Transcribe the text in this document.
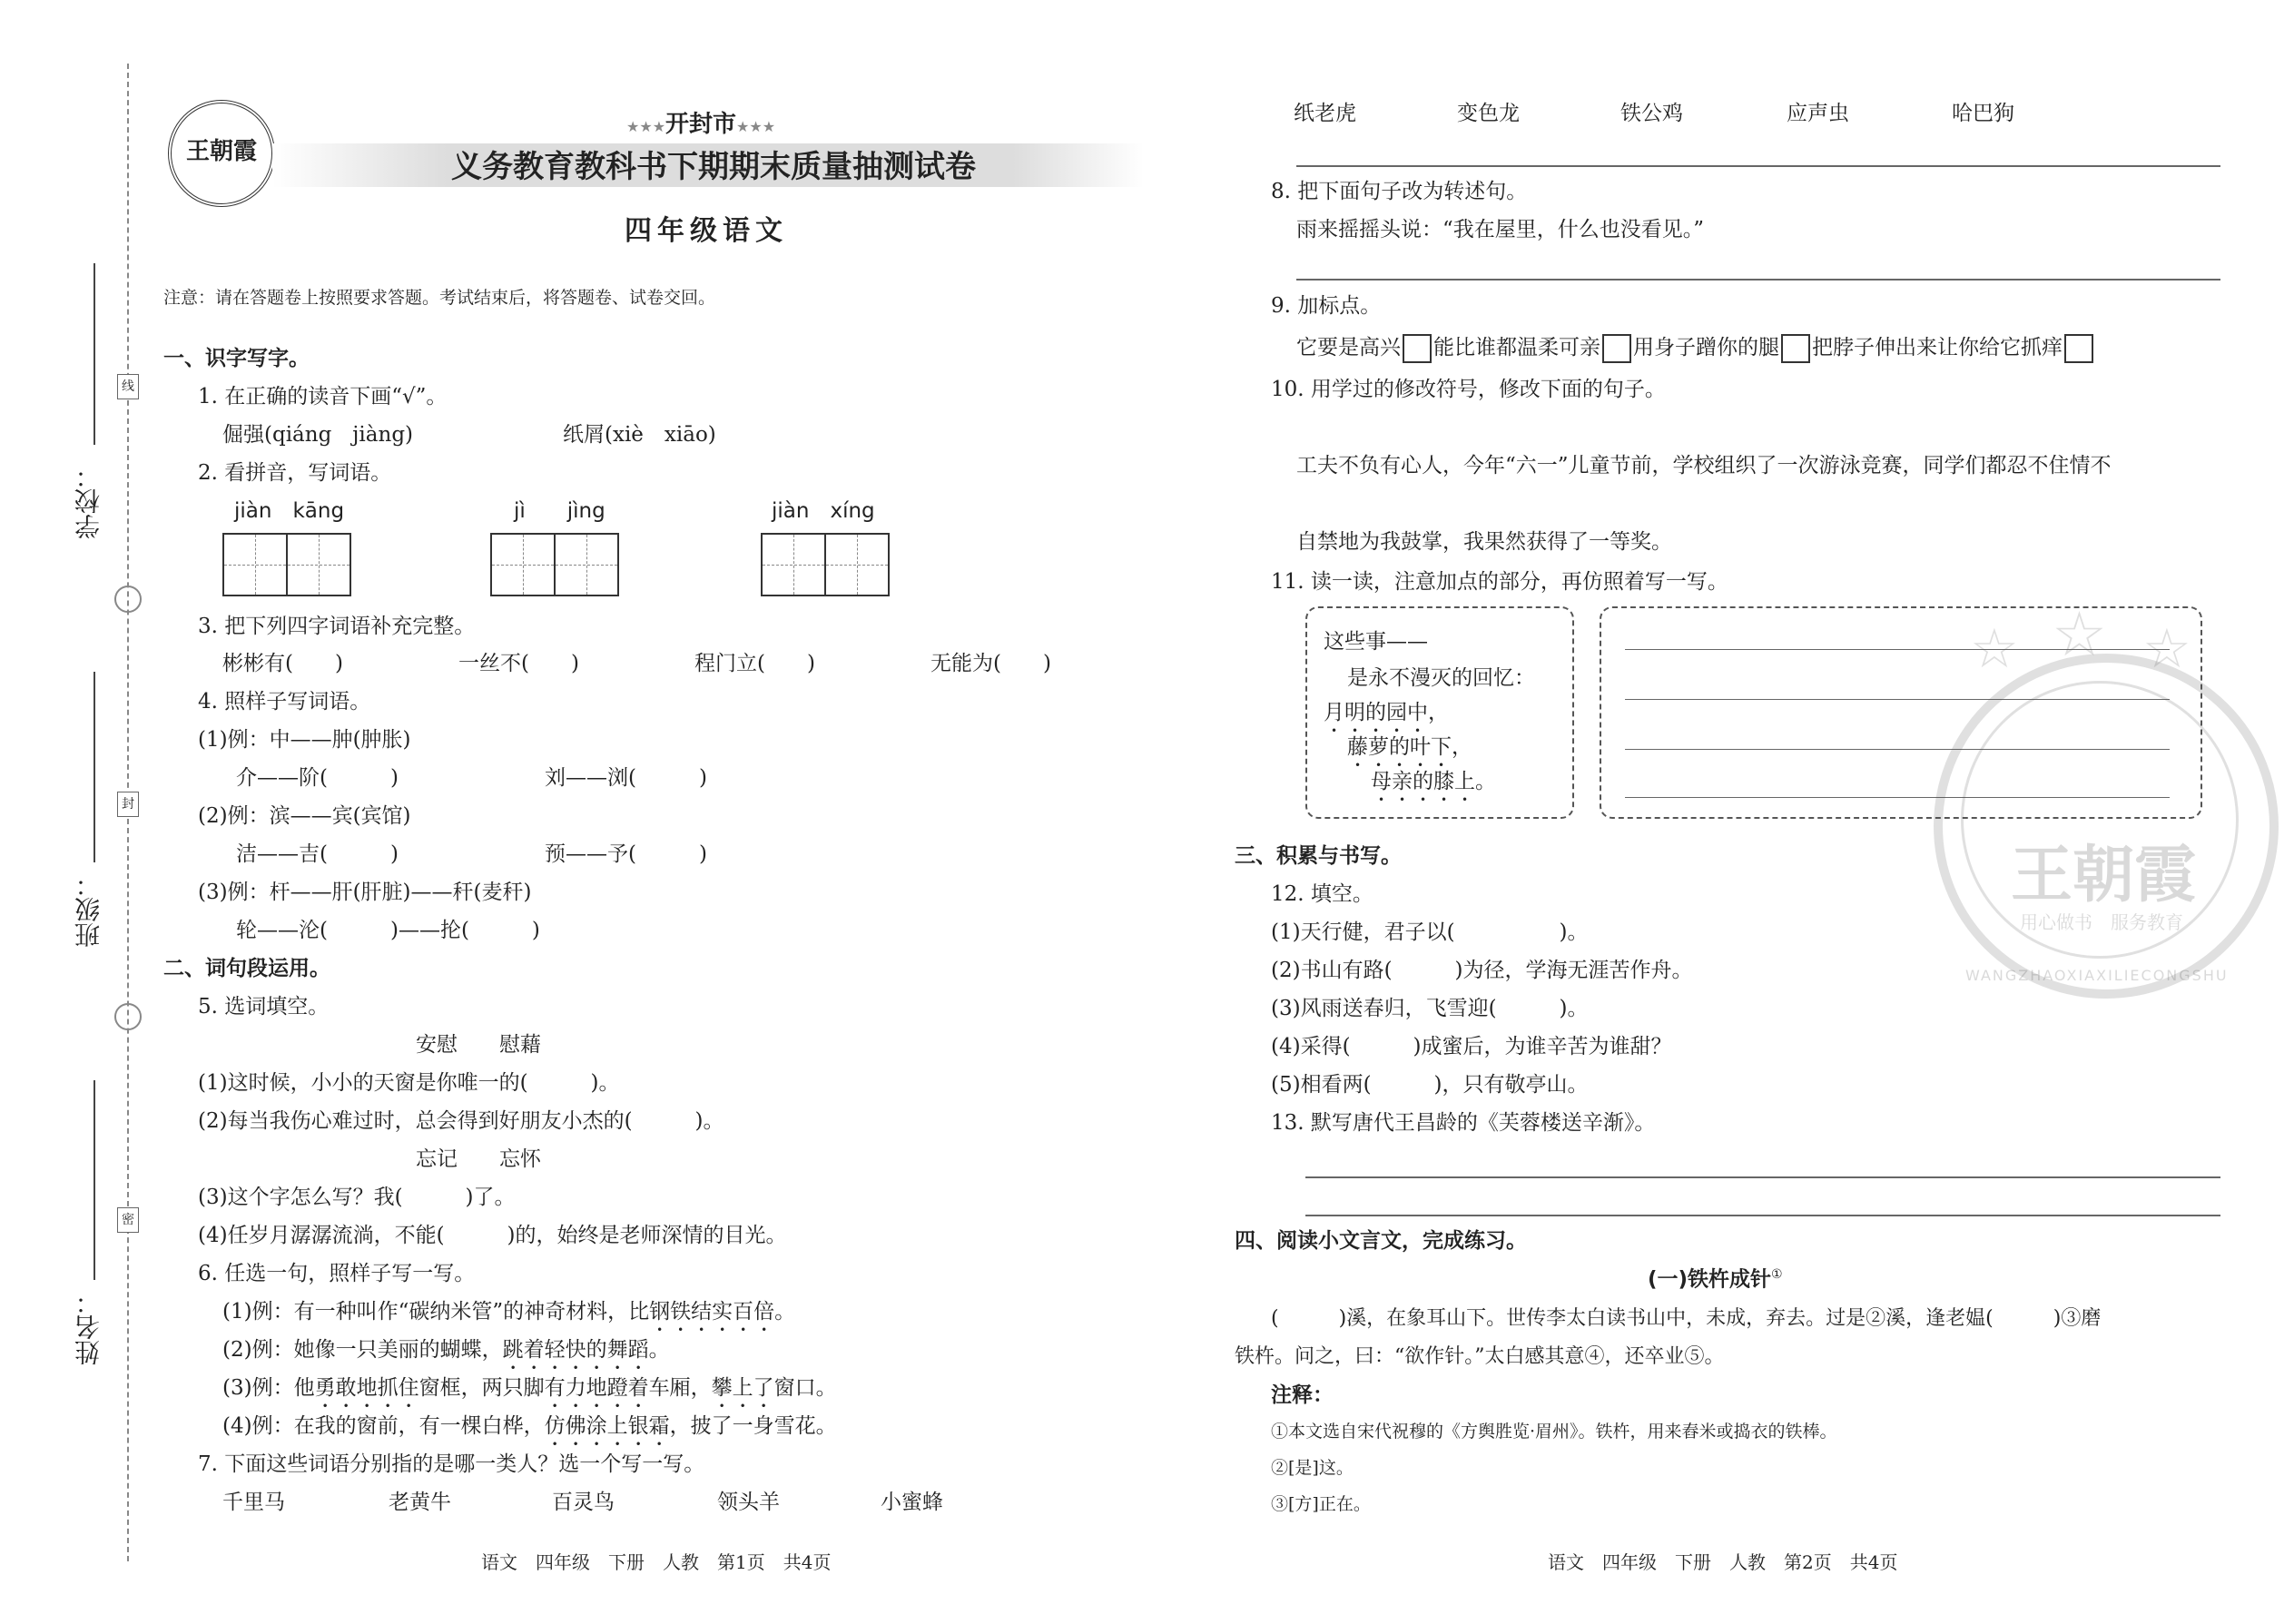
线
封
密
学校：
班级：
姓名：
王朝霞
★★★开封市★★★
义务教育教科书下期期末质量抽测试卷
四年级语文
注意：请在答题卷上按照要求答题。考试结束后，将答题卷、试卷交回。
一、识字写字。
1. 在正确的读音下画“√”。
倔强(qiáng　jiàng)	纸屑(xiè　xiāo)
2. 看拼音，写词语。
jiàn　kāng	jì　　jìng	jiàn　xíng
3. 把下列四字词语补充完整。
彬彬有(　　)	一丝不(　　)	程门立(　　)	无能为(　　)
4. 照样子写词语。
(1)例：中——肿(肿胀)
介——阶(　　　)	刘——浏(　　　)
(2)例：滨——宾(宾馆)
洁——吉(　　　)	预——予(　　　)
(3)例：杆——肝(肝脏)——秆(麦秆)
轮——沦(　　　)——抡(　　　)
二、词句段运用。
5. 选词填空。
安慰　　慰藉
(1)这时候，小小的天窗是你唯一的(　　　)。
(2)每当我伤心难过时，总会得到好朋友小杰的(　　　)。
忘记　　忘怀
(3)这个字怎么写？我(　　　)了。
(4)任岁月潺潺流淌，不能(　　　)的，始终是老师深情的目光。
6. 任选一句，照样子写一写。
(1)例：有一种叫作“碳纳米管”的神奇材料，比钢铁结实百倍。
(2)例：她像一只美丽的蝴蝶，跳着轻快的舞蹈。
(3)例：他勇敢地抓住窗框，两只脚有力地蹬着车厢，攀上了窗口。
(4)例：在我的窗前，有一棵白桦，仿佛涂上银霜，披了一身雪花。
7. 下面这些词语分别指的是哪一类人？选一个写一写。
千里马	老黄牛	百灵鸟	领头羊	小蜜蜂
语文　四年级　下册　人教　第1页　共4页
纸老虎	变色龙	铁公鸡	应声虫	哈巴狗
8. 把下面句子改为转述句。
雨来摇摇头说：“我在屋里，什么也没看见。”
9. 加标点。
它要是高兴 能比谁都温柔可亲 用身子蹭你的腿 把脖子伸出来让你给它抓痒
10. 用学过的修改符号，修改下面的句子。
工夫不负有心人，今年“六一”儿童节前，学校组织了一次游泳竞赛，同学们都忍不住情不
自禁地为我鼓掌，我果然获得了一等奖。
11. 读一读，注意加点的部分，再仿照着写一写。
这些事——
是永不漫灭的回忆：
月明的园中，
藤萝的叶下，
母亲的膝上。
三、积累与书写。
12. 填空。
(1)天行健，君子以(　　　　　)。
(2)书山有路(　　　)为径，学海无涯苦作舟。
(3)风雨送春归，飞雪迎(　　　)。
(4)采得(　　　)成蜜后，为谁辛苦为谁甜？
(5)相看两(　　　)，只有敬亭山。
13. 默写唐代王昌龄的《芙蓉楼送辛渐》。
四、阅读小文言文，完成练习。
(一)铁杵成针①
(　　　)溪，在象耳山下。世传李太白读书山中，未成，弃去。过是②溪，逢老媪(　　　)③磨
铁杵。问之，曰：“欲作针。”太白感其意④，还卒业⑤。
注释：
①本文选自宋代祝穆的《方舆胜览·眉州》。铁杵，用来舂米或捣衣的铁棒。
②[是]这。
③[方]正在。
语文　四年级　下册　人教　第2页　共4页
王朝霞
用心做书　服务教育
WANGZHAOXIAXILIECONGSHU
☆ ☆ ☆
